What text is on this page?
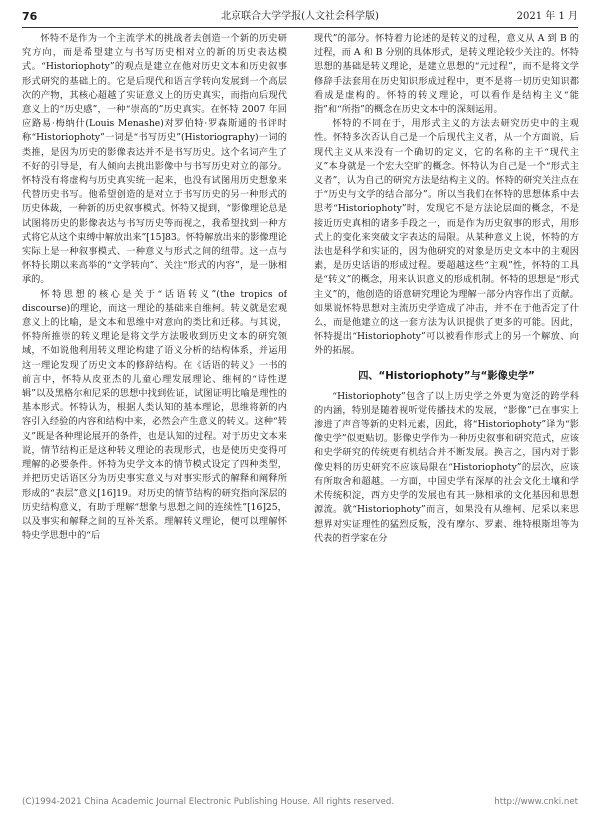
76	北京联合大学学报(人文社会科学版)	2021 年 1 月

怀特不是作为一个主流学术的挑战者去创造一个新的历史研究方向，而是希望建立与书写历史相对立的新的历史表达模式。“Historiophoty”的观点是建立在他对历史文本和历史叙事形式研究的基础上的。它是后现代和语言学转向发展到一个高层次的产物，其核心超越了实证意义上的历史真实，而指向后现代意义上的“历史感”，一种“崇高的”历史真实。在怀特 2007 年回应路易·梅纳什(Louis Menashe)对罗伯特·罗森斯通的书评时称“Historiophoty”一词是“书写历史”(Historiography)一词的类推，是因为历史的影像表达并不是书写历史。这个名词产生了不好的引导是，有人倾向去挑出影像中与书写历史对立的部分。怀特没有将虚构与历史真实统一起来，也没有试图用历史想象来代替历史书写。他希望创造的是对立于书写历史的另一种形式的历史体裁，一种新的历史叙事模式。怀特又提到，“影像理论总是试图将历史的影像表达与书写历史等而视之，我希望找到一种方式将它从这个束缚中解放出来”[15]83。怀特解放出来的影像理论实际上是一种叙事模式、一种意义与形式之间的纽带。这一点与怀特长期以来高举的“文学转向”、关注“形式的内容”，是一脉相承的。

怀特思想的核心是关于“话语转义”(the tropics of discourse)的理论，而这一理论的基础来自维柯。转义就是宏观意义上的比喻，是文本和思维中对意向的类比和迁移。与其说，怀特所推崇的转义理论是将文学方法吸收到历史文本的研究领域，不如说他利用转义理论构建了语义分析的结构体系，并运用这一理论发现了历史文本的修辞结构。在《话语的转义》一书的前言中，怀特从皮亚杰的儿童心理发展理论、维柯的“诗性逻辑”以及黑格尔和尼采的思想中找到佐证，试图证明比喻是理性的基本形式。怀特认为，根据人类认知的基本理论，思维将新的内容引入经验的内容和结构中来，必然会产生意义的转义。这种“转义”既是各种理论展开的条件，也是认知的过程。对于历史文本来说，情节结构正是这种转义理论的表现形式，也是使历史变得可理解的必要条件。怀特为史学文本的情节模式设定了四种类型，并把历史话语区分为历史事实意义与对事实形式的解释和阐释所形成的“表层”意义[16]19。对历史的情节结构的研究指向深层的历史结构意义，有助于理解“想象与思想之间的连续性”[16]25，以及事实和解释之间的互补关系。理解转义理论，便可以理解怀特史学思想中的“后

现代”的部分。怀特着力论述的是转义的过程，意义从 A 到 B 的过程，而 A 和 B 分别的具体形式，是转义理论较少关注的。怀特思想的基础是转义理论，是建立思想的“元过程”，而不是将文学修辞手法套用在历史知识形成过程中，更不是将一切历史知识都看成是虚构的。怀特的转义理论，可以看作是结构主义“能指”和“所指”的概念在历史文本中的深刻运用。

怀特的不同在于，用形式主义的方法去研究历史中的主观性。怀特多次否认自己是一个后现代主义者，从一个方面说，后现代主义从来没有一个确切的定义，它的名称的主干“现代主义”本身就是一个宏大空旷的概念。怀特认为自己是一个“形式主义者”，认为自己的研究方法是结构主义的。怀特的研究关注点在于“历史与文学的结合部分”。所以当我们在怀特的思想体系中去思考“Historiophoty”时，发现它不是方法论层面的概念，不是接近历史真相的诸多手段之一，而是作为历史叙事的形式，用形式上的变化来突破文字表达的局限。从某种意义上说，怀特的方法也是科学和实证的，因为他研究的对象是历史文本中的主观因素，是历史话语的形成过程。要超越这些“主观”性，怀特的工具是“转义”的概念，用来认识意义的形成机制。怀特的思想是“形式主义”的，他创造的语意研究理论为理解一部分内容作出了贡献。如果说怀特思想对主流历史学造成了冲击，并不在于他否定了什么，而是他建立的这一套方法为认识提供了更多的可能。因此，怀特提出“Historiophoty”可以被看作形式上的另一个解放、向外的拓展。

四、“Historiophoty”与“影像史学”

“Historiophoty”包含了以上历史学之外更为宽泛的跨学科的内涵，特别是随着视听觉传播技术的发展，“影像”已在事实上渗进了声音等新的史料元素，因此，将“Historiophoty”译为“影像史学”似更贴切。影像史学作为一种历史叙事和研究范式，应该和史学研究的传统更有机结合并不断发展。换言之，国内对于影像史料的历史研究不应该局限在“Historiophoty”的层次，应该有所取舍和超越。一方面，中国史学有深厚的社会文化土壤和学术传统积淀，西方史学的发展也有其一脉相承的文化基因和思想源流。就“Historiophoty”而言，如果没有从维柯、尼采以来思想界对实证理性的猛烈反叛，没有摩尔、罗素、维特根斯坦等为代表的哲学家在分

(C)1994-2021 China Academic Journal Electronic Publishing House. All rights reserved.	http://www.cnki.net
